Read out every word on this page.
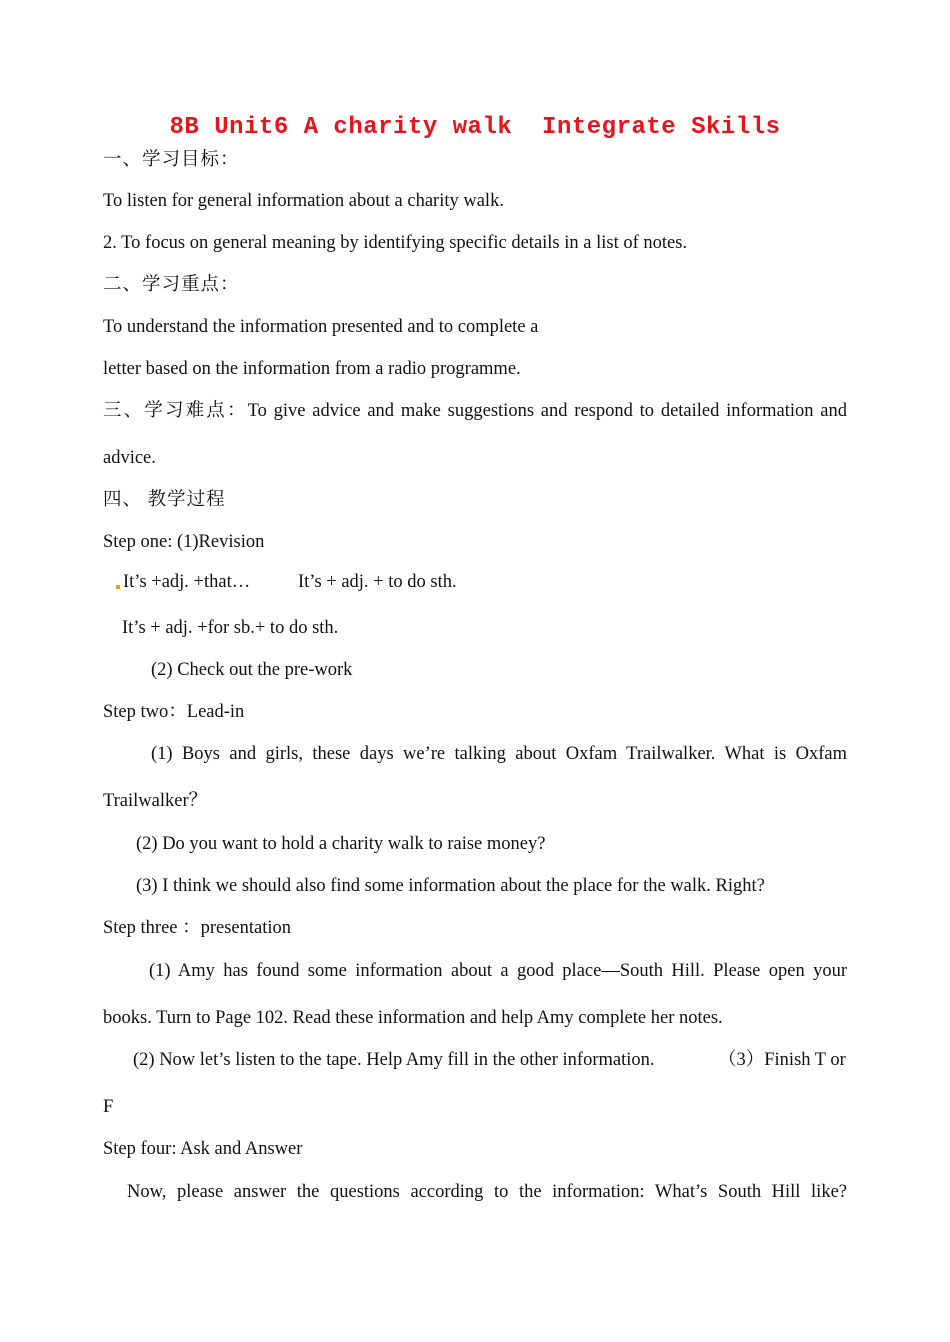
8B Unit6 A charity walk  Integrate Skills
一、学习目标：
To listen for general information about a charity walk.
2. To focus on general meaning by identifying specific details in a list of notes.
二、学习重点：
To understand the information presented and to complete a
letter based on the information from a radio programme.
三、学习难点：To give advice and make suggestions and respond to detailed information and
advice.
四、 教学过程
Step one: (1)Revision
It’s +adj. +that…	It’s + adj. + to do sth.
It’s + adj. +for sb.+ to do sth.
(2) Check out the pre-work
Step two：Lead-in
(1) Boys and girls, these days we’re talking about Oxfam Trailwalker. What is Oxfam
Trailwalker？
(2) Do you want to hold a charity walk to raise money?
(3) I think we should also find some information about the place for the walk. Right?
Step three ：presentation
(1) Amy has found some information about a good place—South Hill. Please open your
books. Turn to Page 102. Read these information and help Amy complete her notes.
(2) Now let’s listen to the tape. Help Amy fill in the other information.	（3）Finish T or
F
Step four: Ask and Answer
Now, please answer the questions according to the information: What’s South Hill like?
